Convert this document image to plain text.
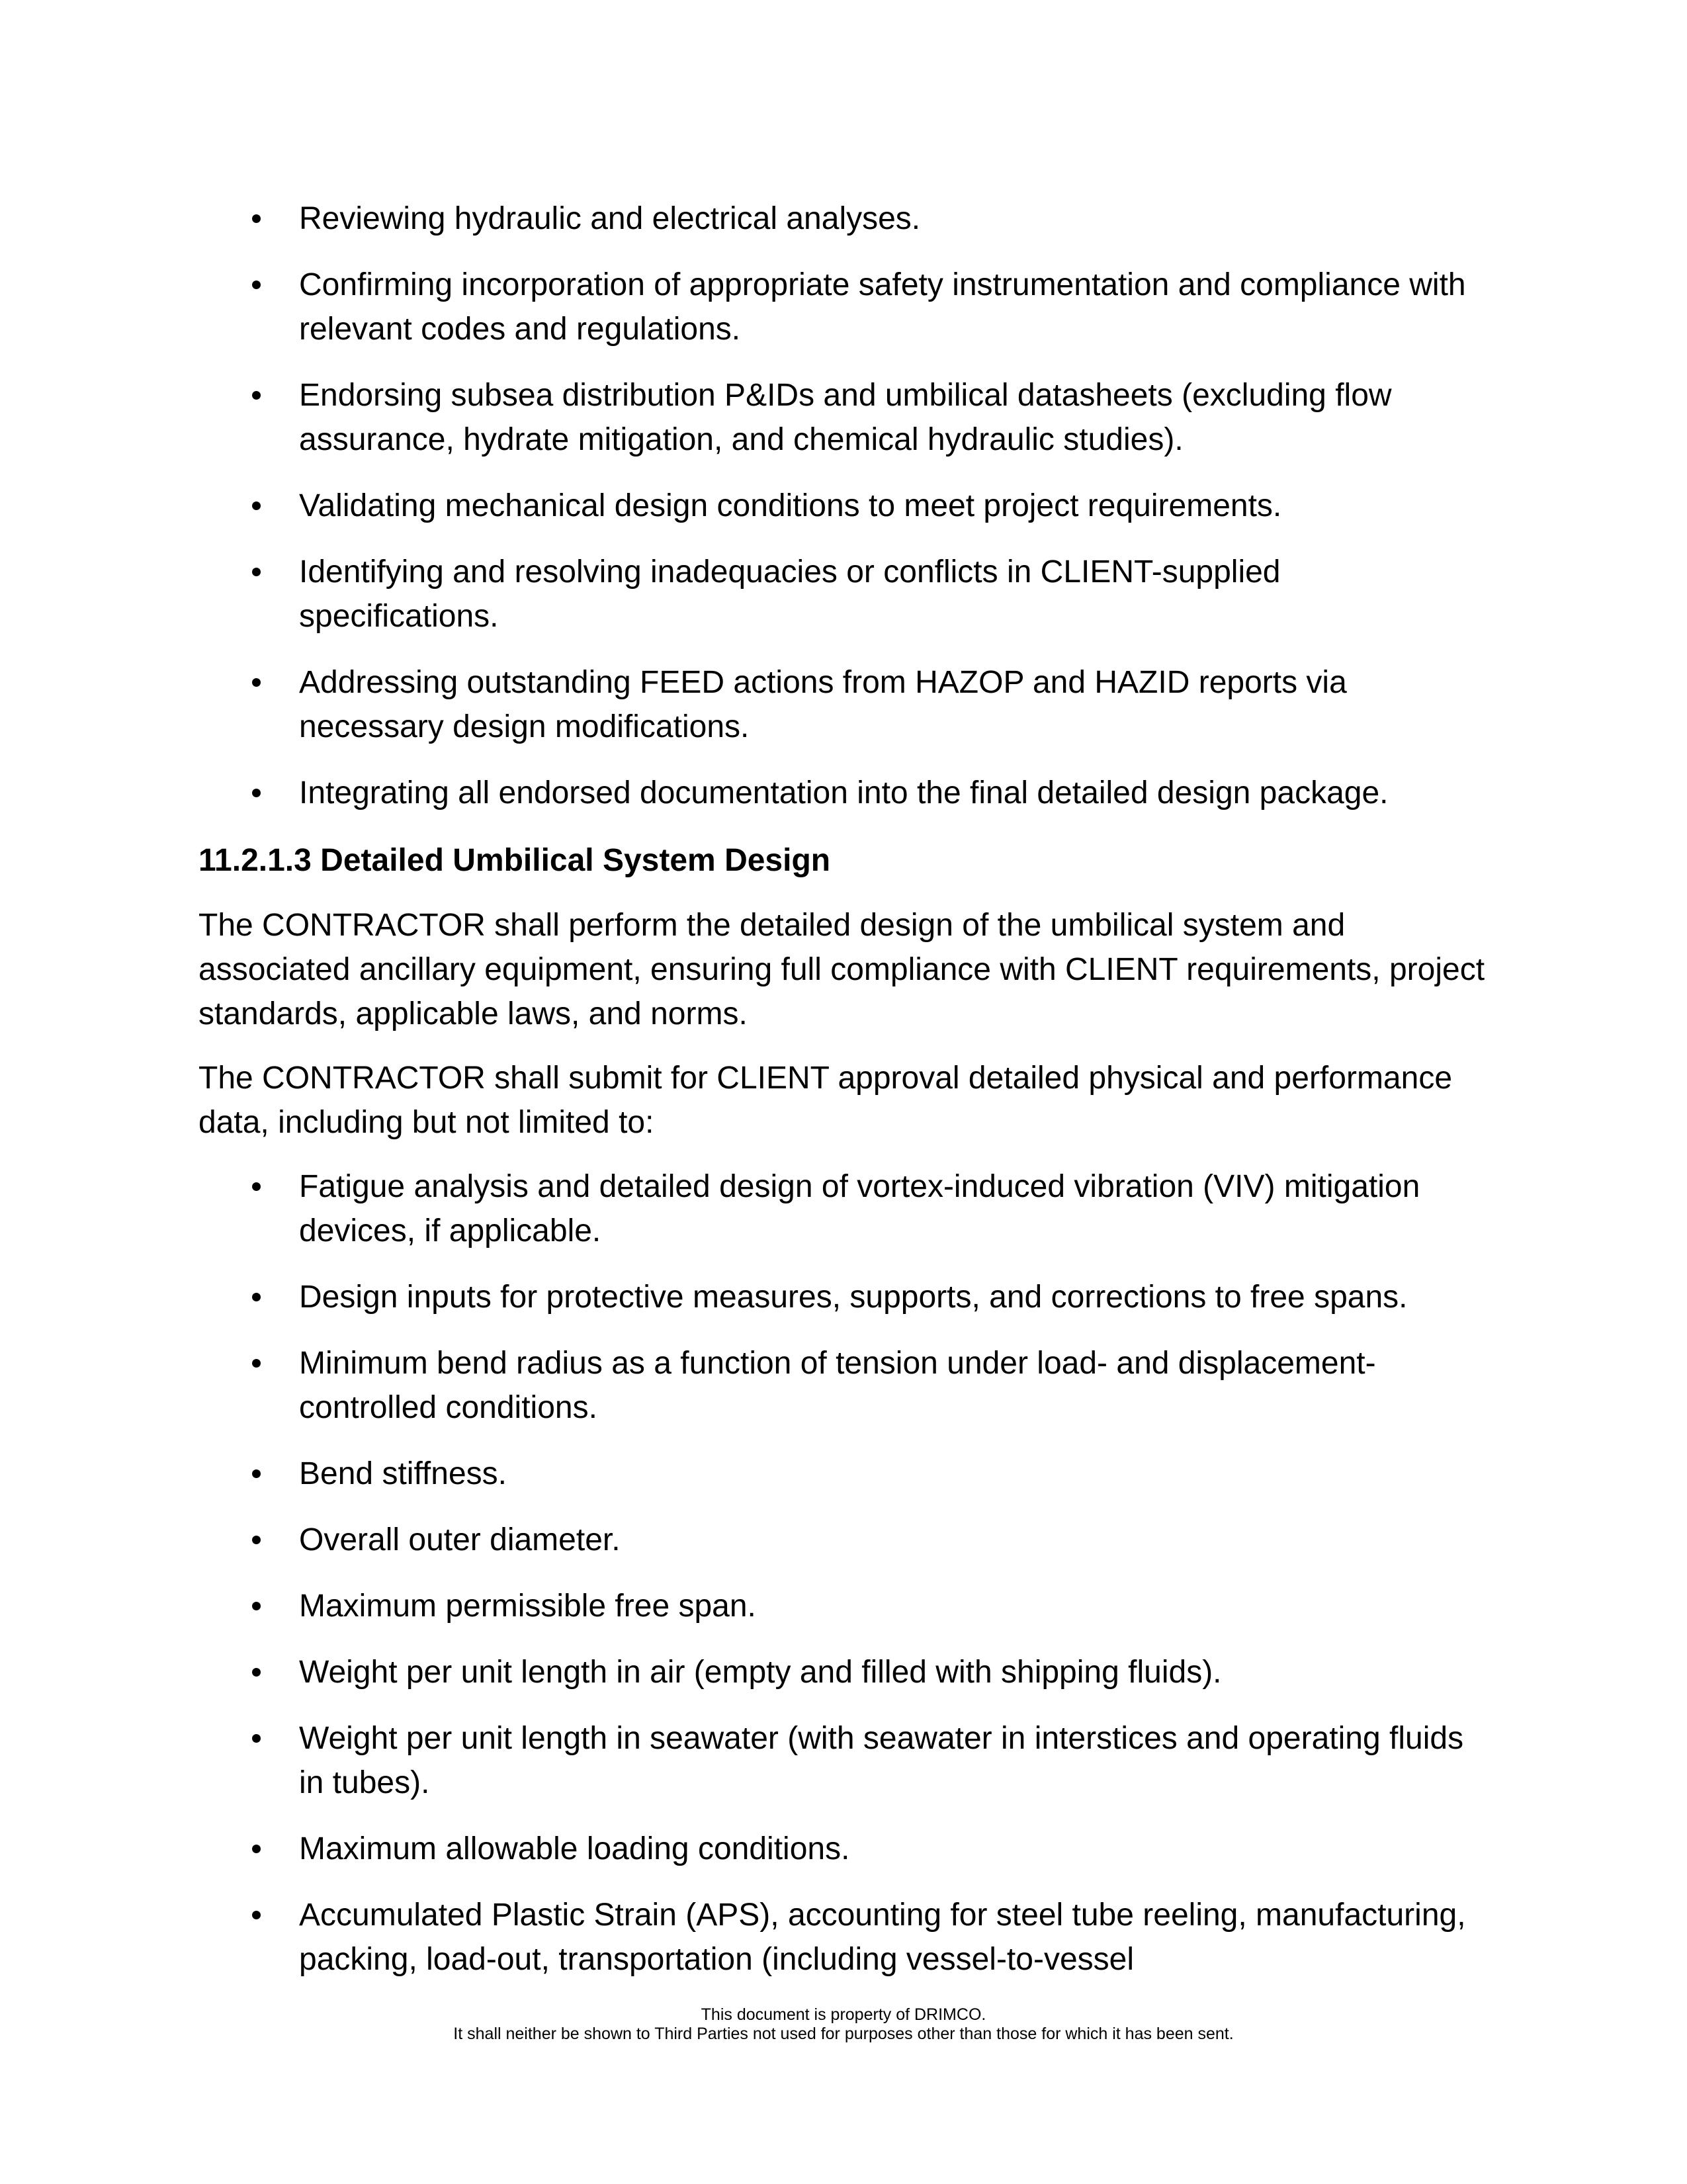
Reviewing hydraulic and electrical analyses.
Confirming incorporation of appropriate safety instrumentation and compliance with relevant codes and regulations.
Endorsing subsea distribution P&IDs and umbilical datasheets (excluding flow assurance, hydrate mitigation, and chemical hydraulic studies).
Validating mechanical design conditions to meet project requirements.
Identifying and resolving inadequacies or conflicts in CLIENT-supplied specifications.
Addressing outstanding FEED actions from HAZOP and HAZID reports via necessary design modifications.
Integrating all endorsed documentation into the final detailed design package.
11.2.1.3 Detailed Umbilical System Design

The CONTRACTOR shall perform the detailed design of the umbilical system and associated ancillary equipment, ensuring full compliance with CLIENT requirements, project standards, applicable laws, and norms.

The CONTRACTOR shall submit for CLIENT approval detailed physical and performance data, including but not limited to:

Fatigue analysis and detailed design of vortex-induced vibration (VIV) mitigation devices, if applicable.
Design inputs for protective measures, supports, and corrections to free spans.
Minimum bend radius as a function of tension under load- and displacement-controlled conditions.
Bend stiffness.
Overall outer diameter.
Maximum permissible free span.
Weight per unit length in air (empty and filled with shipping fluids).
Weight per unit length in seawater (with seawater in interstices and operating fluids in tubes).
Maximum allowable loading conditions.
Accumulated Plastic Strain (APS), accounting for steel tube reeling, manufacturing, packing, load-out, transportation (including vessel-to-vessel
This document is property of DRIMCO.
It shall neither be shown to Third Parties not used for purposes other than those for which it has been sent.
